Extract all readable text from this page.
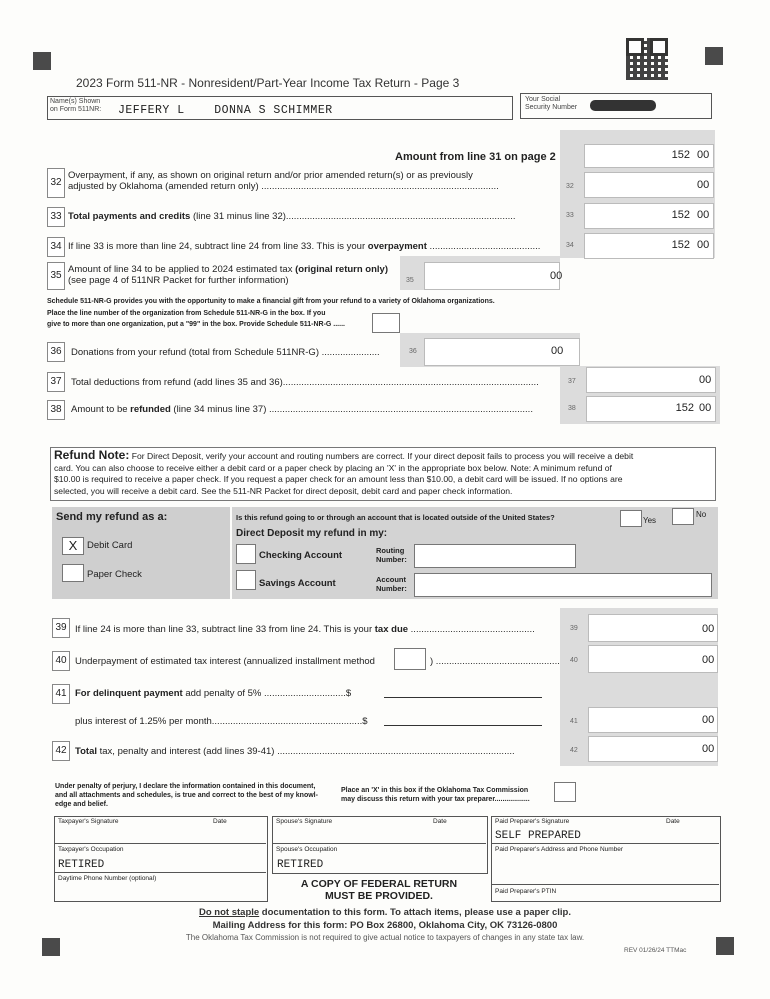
2023 Form 511-NR - Nonresident/Part-Year Income Tax Return - Page 3
Name(s) Shown
on Form 511NR: JEFFERY L    DONNA S SCHIMMER
Your Social
Security Number
Amount from line 31 on page 2	152 00
32
Overpayment, if any, as shown on original return and/or prior amended return(s) or as previously
adjusted by Oklahoma (amended return only) ..........................................................................................	32	00
33 Total payments and credits (line 31 minus line 32).......................................................................................	33	152 00
34 If line 33 is more than line 24, subtract line 24 from line 33. This is your overpayment ..........................................	34	152 00
35
Amount of line 34 to be applied to 2024 estimated tax (original return only)
(see page 4 of 511NR Packet for further information)	35	00
Schedule 511-NR-G provides you with the opportunity to make a financial gift from your refund to a variety of Oklahoma organizations.
Place the line number of the organization from Schedule 511-NR-G in the box. If you
give to more than one organization, put a "99" in the box. Provide Schedule 511-NR-G ......
36 Donations from your refund (total from Schedule 511NR-G) ......................	36	00
37 Total deductions from refund (add lines 35 and 36).................................................................................................	37	00
38 Amount to be refunded (line 34 minus line 37) ....................................................................................................	38	152 00
Refund Note: For Direct Deposit, verify your account and routing numbers are correct. If your direct deposit fails to process you will receive a debit
card. You can also choose to receive either a debit card or a paper check by placing an 'X' in the appropriate box below. Note: A minimum refund of
$10.00 is required to receive a paper check. If you request a paper check for an amount less than $10.00, a debit card will be issued. If no options are
selected, you will receive a debit card. See the 511-NR Packet for direct deposit, debit card and paper check information.
Send my refund as a:
X	Debit Card
Paper Check
Is this refund going to or through an account that is located outside of the United States?	Yes
No
Direct Deposit my refund in my:
Checking Account
Savings Account
Routing
Number:
Account
Number:
39 If line 24 is more than line 33, subtract line 33 from line 24. This is your tax due ...............................................	39	00
40 Underpayment of estimated tax interest (annualized installment method	) ............................................... 40	00
41 For delinquent payment add penalty of 5% ...............................$
plus interest of 1.25% per month.........................................................$	41	00
42 Total tax, penalty and interest (add lines 39-41) ..........................................................................................	42	00
Under penalty of perjury, I declare the information contained in this document,
and all attachments and schedules, is true and correct to the best of my knowl-
edge and belief.
Place an 'X' in this box if the Oklahoma Tax Commission
may discuss this return with your tax preparer..................
Taxpayer's Signature	Date
Taxpayer's Occupation
RETIRED
Daytime Phone Number (optional)
Spouse's Signature	Date
Spouse's Occupation
RETIRED
A COPY OF FEDERAL RETURN
MUST BE PROVIDED.
Paid Preparer's Signature	Date
SELF PREPARED
Paid Preparer's Address and Phone Number
Paid Preparer's PTIN
Do not staple documentation to this form. To attach items, please use a paper clip.
Mailing Address for this form: PO Box 26800, Oklahoma City, OK 73126-0800
The Oklahoma Tax Commission is not required to give actual notice to taxpayers of changes in any state tax law.
REV 01/26/24 TTMac
